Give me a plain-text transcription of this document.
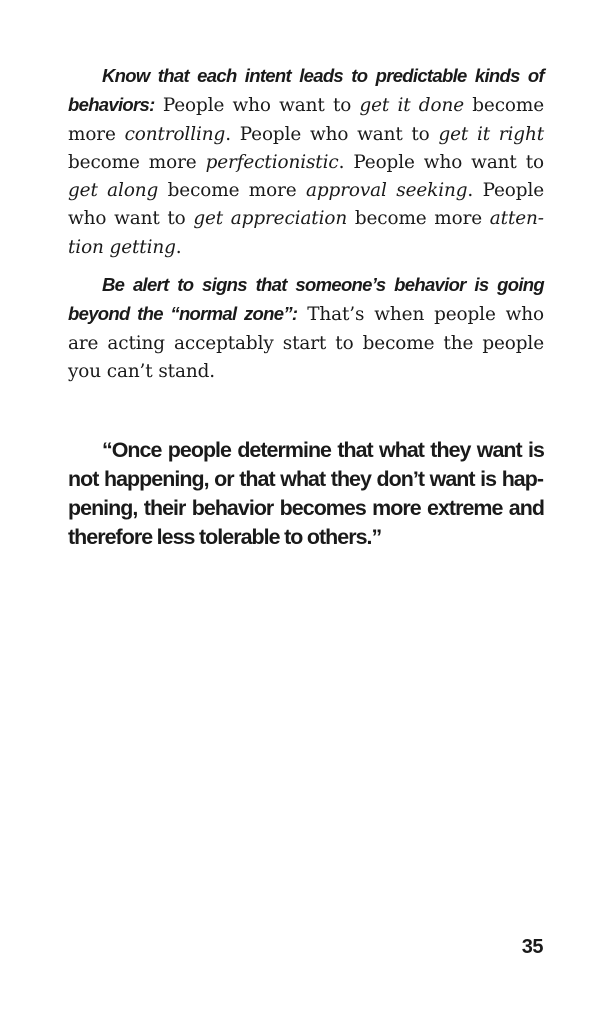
Know that each intent leads to predictable kinds of behaviors: People who want to get it done become more controlling. People who want to get it right become more perfectionistic. People who want to get along become more approval seeking. People who want to get appreciation become more attention getting.

Be alert to signs that someone’s behavior is going beyond the “normal zone”: That’s when people who are acting acceptably start to become the people you can’t stand.

“Once people determine that what they want is not happening, or that what they don’t want is happening, their behavior becomes more extreme and therefore less tolerable to others.”

35
